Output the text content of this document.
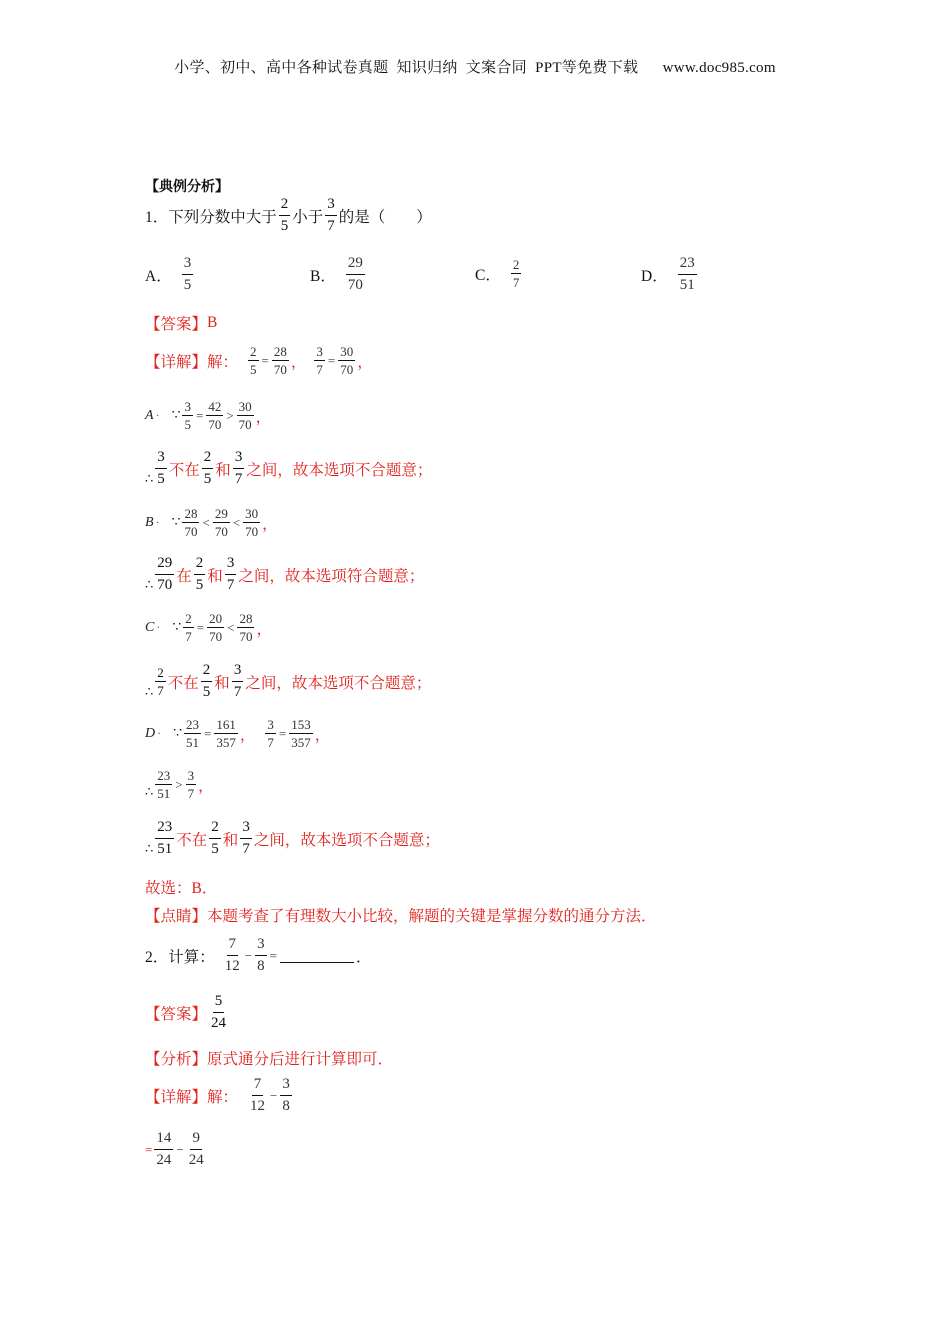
小学、初中、高中各种试卷真题  知识归纳  文案合同  PPT等免费下载      www.doc985.com
【典例分析】
1． 下列分数中大于 $\frac{2}{5}$ 小于 $\frac{3}{7}$ 的是（　　）
A． $\frac{3}{5}$	B． $\frac{29}{70}$	C． $\frac{2}{7}$	D． $\frac{23}{51}$
【答案】 B
【详解】 解： $\frac{2}{5} = \frac{28}{70}$ ， $\frac{3}{7} = \frac{30}{70}$ ，
A · ∵ $\frac{3}{5} = \frac{42}{70} > \frac{30}{70}$ ，
∴ $\frac{3}{5}$ 不在 $\frac{2}{5}$ 和 $\frac{3}{7}$ 之间，故本选项不合题意；
B · ∵ $\frac{28}{70} < \frac{29}{70} < \frac{30}{70}$ ，
∴ $\frac{29}{70}$ 在 $\frac{2}{5}$ 和 $\frac{3}{7}$ 之间，故本选项符合题意；
C · ∵ $\frac{2}{7} = \frac{20}{70} < \frac{28}{70}$ ，
∴ $\frac{2}{7}$ 不在 $\frac{2}{5}$ 和 $\frac{3}{7}$ 之间，故本选项不合题意；
D · ∵ $\frac{23}{51} = \frac{161}{357}$ ， $\frac{3}{7} = \frac{153}{357}$ ，
∴ $\frac{23}{51} > \frac{3}{7}$ ，
∴ $\frac{23}{51}$ 不在 $\frac{2}{5}$ 和 $\frac{3}{7}$ 之间，故本选项不合题意；
故选：B．
【点睛】 本题考查了有理数大小比较，解题的关键是掌握分数的通分方法．
2． 计算： $\frac{7}{12} - \frac{3}{8}$ =	．
【答案】 $\frac{5}{24}$
【分析】 原式通分后进行计算即可．
【详解】 解： $\frac{7}{12} - \frac{3}{8}$
= $\frac{14}{24} - \frac{9}{24}$
